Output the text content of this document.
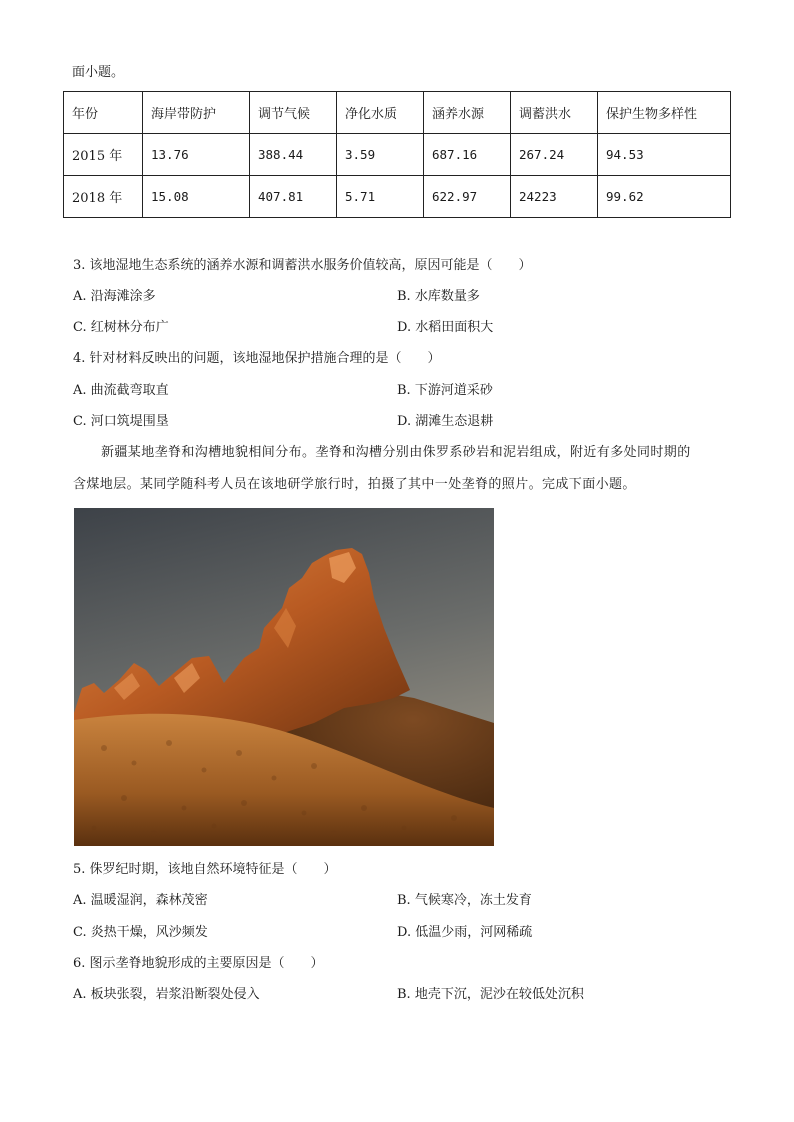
面小题。
年份	海岸带防护	调节气候	净化水质	涵养水源	调蓄洪水	保护生物多样性
2015 年	13.76	388.44	3.59	687.16	267.24	94.53
2018 年	15.08	407.81	5.71	622.97	24223	99.62
3. 该地湿地生态系统的涵养水源和调蓄洪水服务价值较高，原因可能是（　　）
A. 沿海滩涂多	B. 水库数量多
C. 红树林分布广	D. 水稻田面积大
4. 针对材料反映出的问题，该地湿地保护措施合理的是（　　）
A. 曲流截弯取直	B. 下游河道采砂
C. 河口筑堤围垦	D. 湖滩生态退耕
新疆某地垄脊和沟槽地貌相间分布。垄脊和沟槽分别由侏罗系砂岩和泥岩组成，附近有多处同时期的
含煤地层。某同学随科考人员在该地研学旅行时，拍摄了其中一处垄脊的照片。完成下面小题。
5. 侏罗纪时期，该地自然环境特征是（　　）
A. 温暖湿润，森林茂密	B. 气候寒冷，冻土发育
C. 炎热干燥，风沙频发	D. 低温少雨，河网稀疏
6. 图示垄脊地貌形成的主要原因是（　　）
A. 板块张裂，岩浆沿断裂处侵入	B. 地壳下沉，泥沙在较低处沉积
